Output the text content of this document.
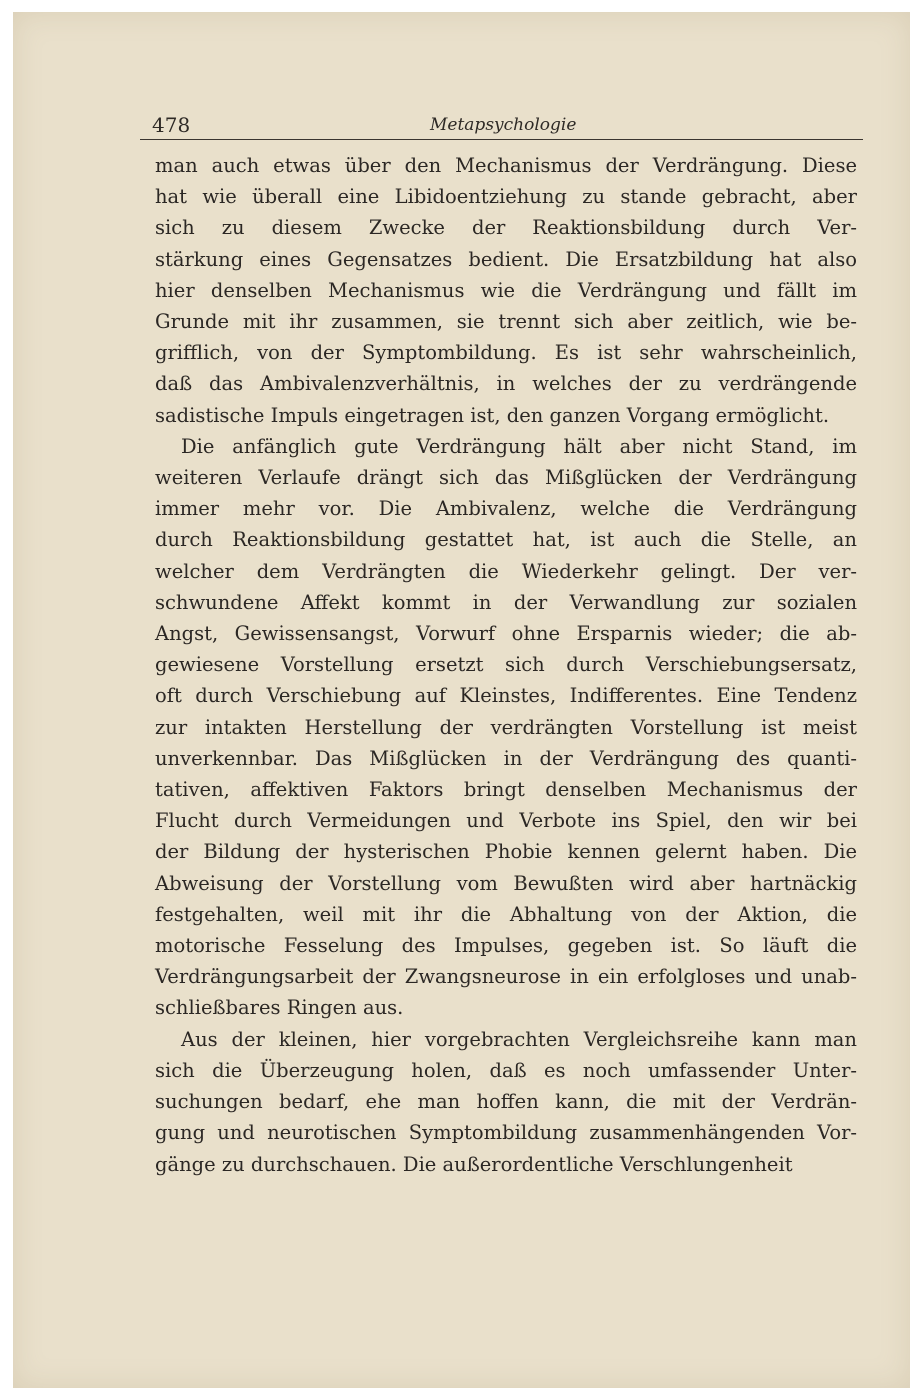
478	Metapsychologie
man auch etwas über den Mechanismus der Verdrängung. Diese
hat wie überall eine Libidoentziehung zu stande gebracht, aber
sich zu diesem Zwecke der Reaktionsbildung durch Ver-
stärkung eines Gegensatzes bedient. Die Ersatzbildung hat also
hier denselben Mechanismus wie die Verdrängung und fällt im
Grunde mit ihr zusammen, sie trennt sich aber zeitlich, wie be-
grifflich, von der Symptombildung. Es ist sehr wahrscheinlich,
daß das Ambivalenzverhältnis, in welches der zu verdrängende
sadistische Impuls eingetragen ist, den ganzen Vorgang ermöglicht.
Die anfänglich gute Verdrängung hält aber nicht Stand, im
weiteren Verlaufe drängt sich das Mißglücken der Verdrängung
immer mehr vor. Die Ambivalenz, welche die Verdrängung
durch Reaktionsbildung gestattet hat, ist auch die Stelle, an
welcher dem Verdrängten die Wiederkehr gelingt. Der ver-
schwundene Affekt kommt in der Verwandlung zur sozialen
Angst, Gewissensangst, Vorwurf ohne Ersparnis wieder; die ab-
gewiesene Vorstellung ersetzt sich durch Verschiebungsersatz,
oft durch Verschiebung auf Kleinstes, Indifferentes. Eine Tendenz
zur intakten Herstellung der verdrängten Vorstellung ist meist
unverkennbar. Das Mißglücken in der Verdrängung des quanti-
tativen, affektiven Faktors bringt denselben Mechanismus der
Flucht durch Vermeidungen und Verbote ins Spiel, den wir bei
der Bildung der hysterischen Phobie kennen gelernt haben. Die
Abweisung der Vorstellung vom Bewußten wird aber hartnäckig
festgehalten, weil mit ihr die Abhaltung von der Aktion, die
motorische Fesselung des Impulses, gegeben ist. So läuft die
Verdrängungsarbeit der Zwangsneurose in ein erfolgloses und unab-
schließbares Ringen aus.
Aus der kleinen, hier vorgebrachten Vergleichsreihe kann man
sich die Überzeugung holen, daß es noch umfassender Unter-
suchungen bedarf, ehe man hoffen kann, die mit der Verdrän-
gung und neurotischen Symptombildung zusammenhängenden Vor-
gänge zu durchschauen. Die außerordentliche Verschlungenheit
